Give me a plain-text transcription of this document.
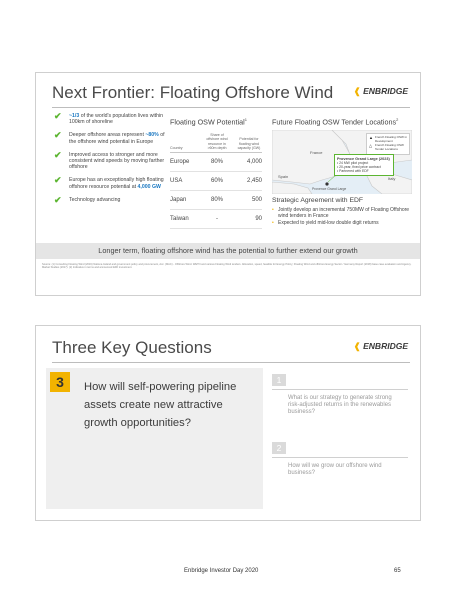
Next Frontier: Floating Offshore Wind ❰ ENBRIDGE
✔ ~1/3 of the world's population lives within 100km of shoreline
✔ Deeper offshore areas represent ~80% of the offshore wind potential in Europe
✔ Improved access to stronger and more consistent wind speeds by moving farther offshore
✔ Europe has an exceptionally high floating offshore resource potential at 4,000 GW
✔ Technology advancing
Floating OSW Potential$^1$
Country
Share of offshore wind resource in >60m depth
Potential for floating wind capacity (GW)
Europe	80%	4,000
USA	60%	2,450
Japan	80%	500
Taiwan	-	90
Future Floating OSW Tender Locations$^2$
France
Spain	Italy
Provence Grand Large
▲ French Floating OSW in Development
△ French Floating OSW Tender Locations
Provence Grand Large (2023)
• 24 MW pilot project
• 20-year, fixed price contract
• Partnered with EDF
Strategic Agreement with EDF
• Jointly develop an incremental 750MW of Floating Offshore wind tenders in France
• Expected to yield mid-low double digit returns
Longer term, floating offshore wind has the potential to further extend our growth
Source: (1) Consulting Floating Wind (2019) Nationa Ireland and government policy and procurement, Acc. (MAC) - Offshore Wind. WETN and various Floating Wind tenders. Allocation, speed, feasible for Energy Policy; Floating Wind and offshore Energy Sector / Germany Report (2018) base case evaluation and Agency. Market Studies (2017). (2) Indicative in terms and announced EDF investment.
Three Key Questions	❰ ENBRIDGE
3	How will self-powering pipeline assets create new attractive growth opportunities?
1
What is our strategy to generate strong risk-adjusted returns in the renewables business?
2
How will we grow our offshore wind business?
Enbridge Investor Day 2020	65
